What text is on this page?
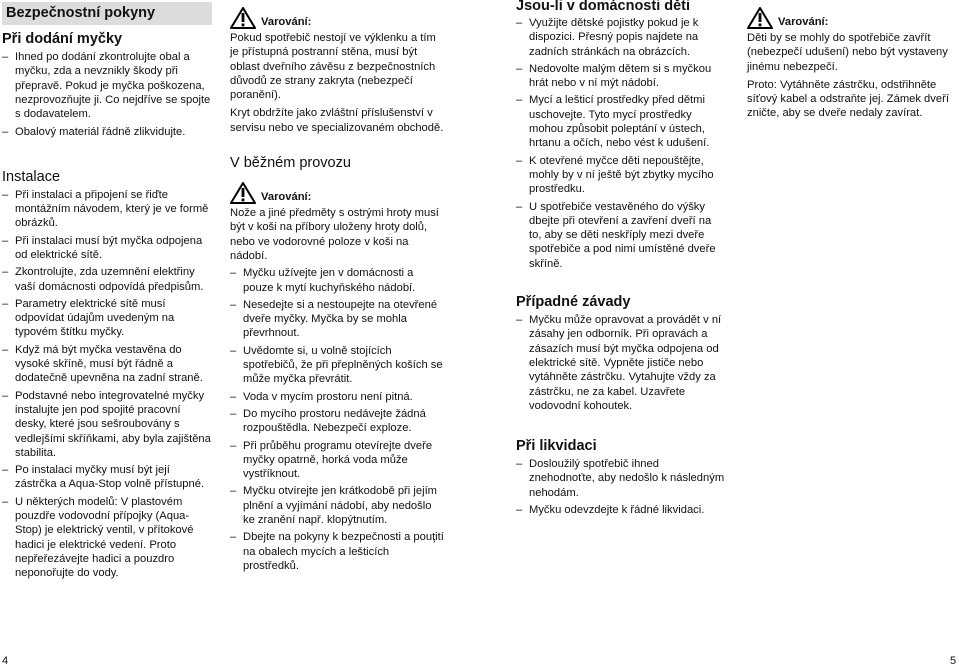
Bezpečnostní pokyny
Při dodání myčky

– Ihned po dodání zkontrolujte obal a myčku, zda a nevznikly škody při přepravě. Pokud je myčka poškozena, nezprovozňujte ji. Co nejdříve se spojte s dodavatelem.

– Obalový materiál řádně zlikvidujte.

Instalace

– Při instalaci a připojení se řiďte montážním návodem, který je ve formě obrázků.

– Při instalaci musí být myčka odpojena od elektrické sítě.

– Zkontrolujte, zda uzemnění elektřiny vaší domácnosti odpovídá předpisům.

– Parametry elektrické sítě musí odpovídat údajům uvedeným na typovém štítku myčky.

– Když má být myčka vestavěna do vysoké skříně, musí být řádně a dodatečně upevněna na zadní straně.

– Podstavné nebo integrovatelné myčky instalujte jen pod spojité pracovní desky, které jsou sešroubovány s vedlejšími skříňkami, aby byla zajištěna stabilita.

– Po instalaci myčky musí být její zástrčka a Aqua-Stop volně přístupné.

– U některých modelů: V plastovém pouzdře vodovodní přípojky (Aqua-Stop) je elektrický ventil, v přítokové hadici je elektrické vedení. Proto nepřeřezávejte hadici a pouzdro neponořujte do vody.

Varování:

Pokud spotřebič nestojí ve výklenku a tím je přístupná postranní stěna, musí být oblast dveřního závěsu z bezpečnostních důvodů ze strany zakryta (nebezpečí poranění).

Kryt obdržíte jako zvláštní příslušenství v servisu nebo ve specializovaném obchodě.

V běžném provozu
Varování:

Nože a jiné předměty s ostrými hroty musí být v koši na příbory uloženy hroty dolů, nebo ve vodorovné poloze v koši na nádobí.

– Myčku užívejte jen v domácnosti a pouze k mytí kuchyňského nádobí.

– Nesedejte si a nestoupejte na otevřené dveře myčky. Myčka by se mohla převrhnout.

– Uvědomte si, u volně stojících spotřebičů, že při přeplněných koších se může myčka převrátit.

– Voda v mycím prostoru není pitná.

– Do mycího prostoru nedávejte žádná rozpouštědla. Nebezpečí exploze.

– Při průběhu programu otevírejte dveře myčky opatrně, horká voda může vystříknout.

– Myčku otvírejte jen krátkodobě při jejím plnění a vyjímání nádobí, aby nedošlo ke zranění např. klopýtnutím.

– Dbejte na pokyny k bezpečnosti a pouţití na obalech mycích a lešticích prostředků.

Jsou-li v domácnosti děti

– Využijte dětské pojistky pokud je k dispozici. Přesný popis najdete na zadních stránkách na obrázcích.

– Nedovolte malým dětem si s myčkou hrát nebo v ní mýt nádobí.

– Mycí a lešticí prostředky před dětmi uschovejte. Tyto mycí prostředky mohou způsobit poleptání v ústech, hrtanu a očích, nebo vést k udušení.

– K otevřené myčce děti nepouštějte, mohly by v ní ještě být zbytky mycího prostředku.

– U spotřebiče vestavěného do výšky dbejte při otevření a zavření dveří na to, aby se děti neskříply mezi dveře spotřebiče a pod nimi umístěné dveře skříně.

Případné závady

– Myčku může opravovat a provádět v ní zásahy jen odborník. Při opravách a zásazích musí být myčka odpojena od elektrické sítě. Vypněte jističe nebo vytáhněte zástrčku. Vytahujte vždy za zástrčku, ne za kabel. Uzavřete vodovodní kohoutek.

Při likvidaci

– Dosloužilý spotřebič ihned znehodnoťte, aby nedošlo k následným nehodám.

– Myčku odevzdejte k řádné likvidaci.

Varování:

Děti by se mohly do spotřebiče zavřít (nebezpečí udušení) nebo být vystaveny jinému nebezpečí.

Proto: Vytáhněte zástrčku, odstřihněte síťový kabel a odstraňte jej. Zámek dveří zničte, aby se dveře nedaly zavírat.

4	5
